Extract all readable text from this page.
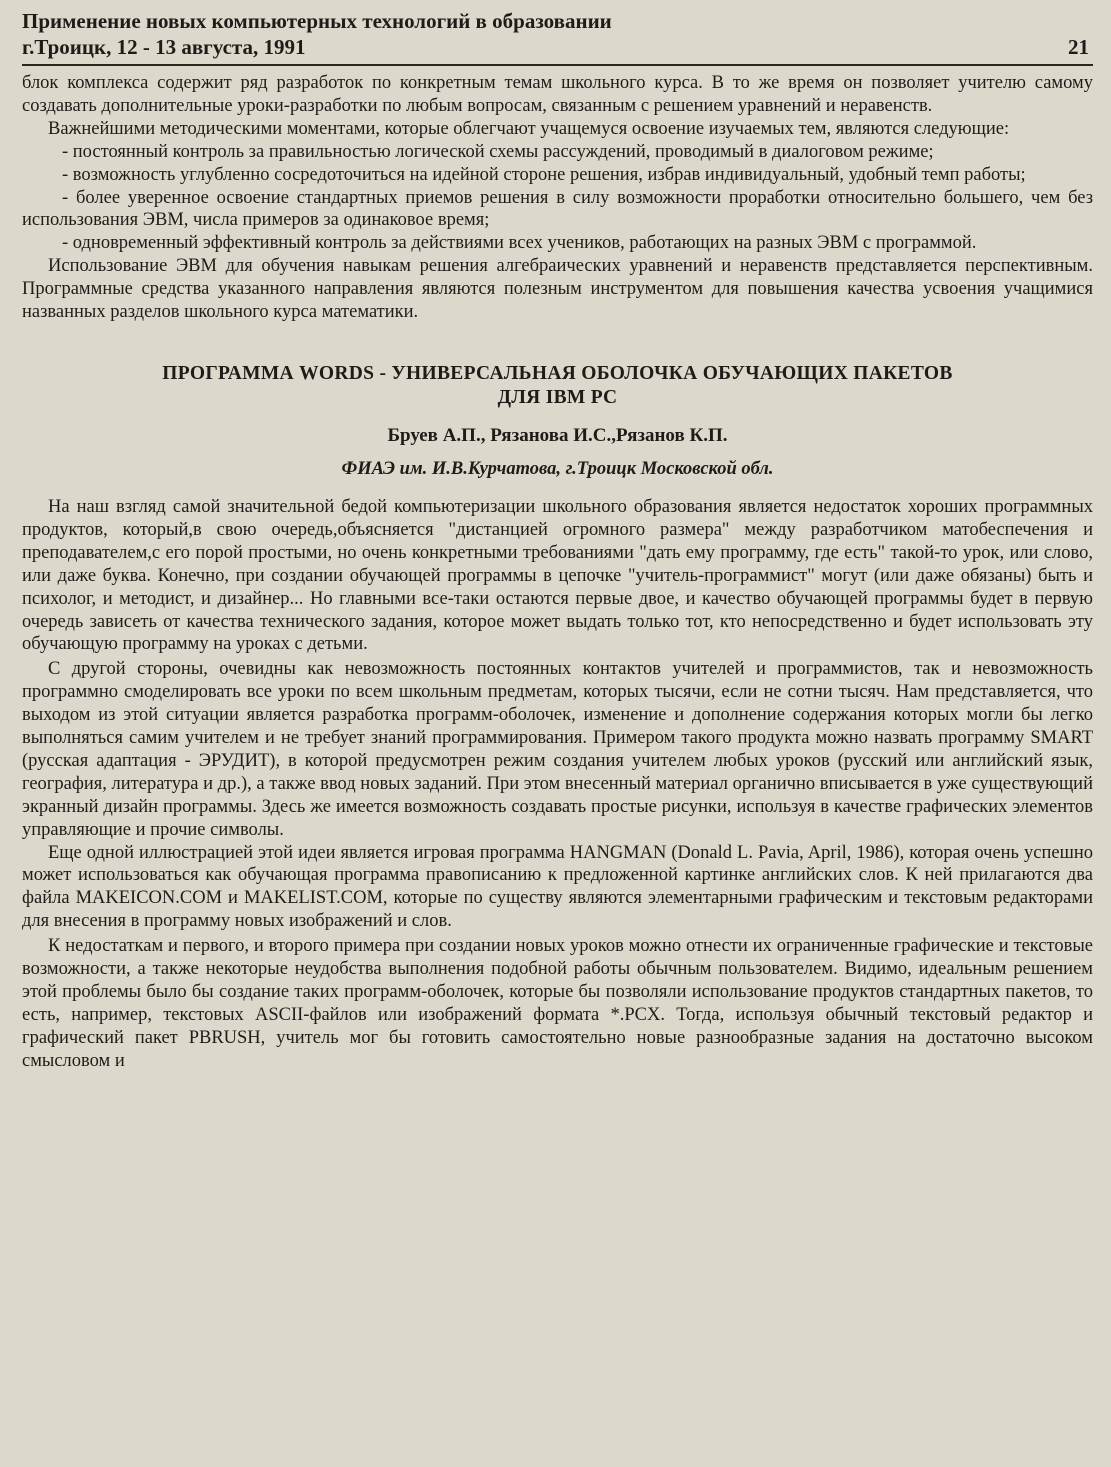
Применение новых компьютерных технологий в образовании
г.Троицк, 12 - 13 августа, 1991	21

блок комплекса содержит ряд разработок по конкретным темам школьного курса. В то же время он позволяет учителю самому создавать дополнительные уроки-разработки по любым вопросам, связанным с решением уравнений и неравенств.

Важнейшими методическими моментами, которые облегчают учащемуся освоение изучаемых тем, являются следующие:

- постоянный контроль за правильностью логической схемы рассуждений, проводимый в диалоговом режиме;

- возможность углубленно сосредоточиться на идейной стороне решения, избрав индивидуальный, удобный темп работы;

- более уверенное освоение стандартных приемов решения в силу возможности проработки относительно большего, чем без использования ЭВМ, числа примеров за одинаковое время;

- одновременный эффективный контроль за действиями всех учеников, работающих на разных ЭВМ с программой.

Использование ЭВМ для обучения навыкам решения алгебраических уравнений и неравенств представляется перспективным. Программные средства указанного направления являются полезным инструментом для повышения качества усвоения учащимися названных разделов школьного курса математики.

ПРОГРАММА WORDS - УНИВЕРСАЛЬНАЯ ОБОЛОЧКА ОБУЧАЮЩИХ ПАКЕТОВ
ДЛЯ IBM PC
Бруев А.П., Рязанова И.С.,Рязанов К.П.
ФИАЭ им. И.В.Курчатова, г.Троицк Московской обл.

На наш взгляд самой значительной бедой компьютеризации школьного образования является недостаток хороших программных продуктов, который,в свою очередь,объясняется "дистанцией огромного размера" между разработчиком матобеспечения и преподавателем,с его порой простыми, но очень конкретными требованиями "дать ему программу, где есть" такой-то урок, или слово, или даже буква. Конечно, при создании обучающей программы в цепочке "учитель-программист" могут (или даже обязаны) быть и психолог, и методист, и дизайнер... Но главными все-таки остаются первые двое, и качество обучающей программы будет в первую очередь зависеть от качества технического задания, которое может выдать только тот, кто непосредственно и будет использовать эту обучающую программу на уроках с детьми.

С другой стороны, очевидны как невозможность постоянных контактов учителей и программистов, так и невозможность программно смоделировать все уроки по всем школьным предметам, которых тысячи, если не сотни тысяч. Нам представляется, что выходом из этой ситуации является разработка программ-оболочек, изменение и дополнение содержания которых могли бы легко выполняться самим учителем и не требует знаний программирования. Примером такого продукта можно назвать программу SMART (русская адаптация - ЭРУДИТ), в которой предусмотрен режим создания учителем любых уроков (русский или английский язык, география, литература и др.), а также ввод новых заданий. При этом внесенный материал органично вписывается в уже существующий экранный дизайн программы. Здесь же имеется возможность создавать простые рисунки, используя в качестве графических элементов управляющие и прочие символы.

Еще одной иллюстрацией этой идеи является игровая программа HANGMAN (Donald L. Pavia, April, 1986), которая очень успешно может использоваться как обучающая программа правописанию к предложенной картинке английских слов. К ней прилагаются два файла MAKEICON.COM и MAKELIST.COM, которые по существу являются элементарными графическим и текстовым редакторами для внесения в программу новых изображений и слов.

К недостаткам и первого, и второго примера при создании новых уроков можно отнести их ограниченные графические и текстовые возможности, а также некоторые неудобства выполнения подобной работы обычным пользователем. Видимо, идеальным решением этой проблемы было бы создание таких программ-оболочек, которые бы позволяли использование продуктов стандартных пакетов, то есть, например, текстовых ASCII-файлов или изображений формата *.PCX. Тогда, используя обычный текстовый редактор и графический пакет PBRUSH, учитель мог бы готовить самостоятельно новые разнообразные задания на достаточно высоком смысловом и
